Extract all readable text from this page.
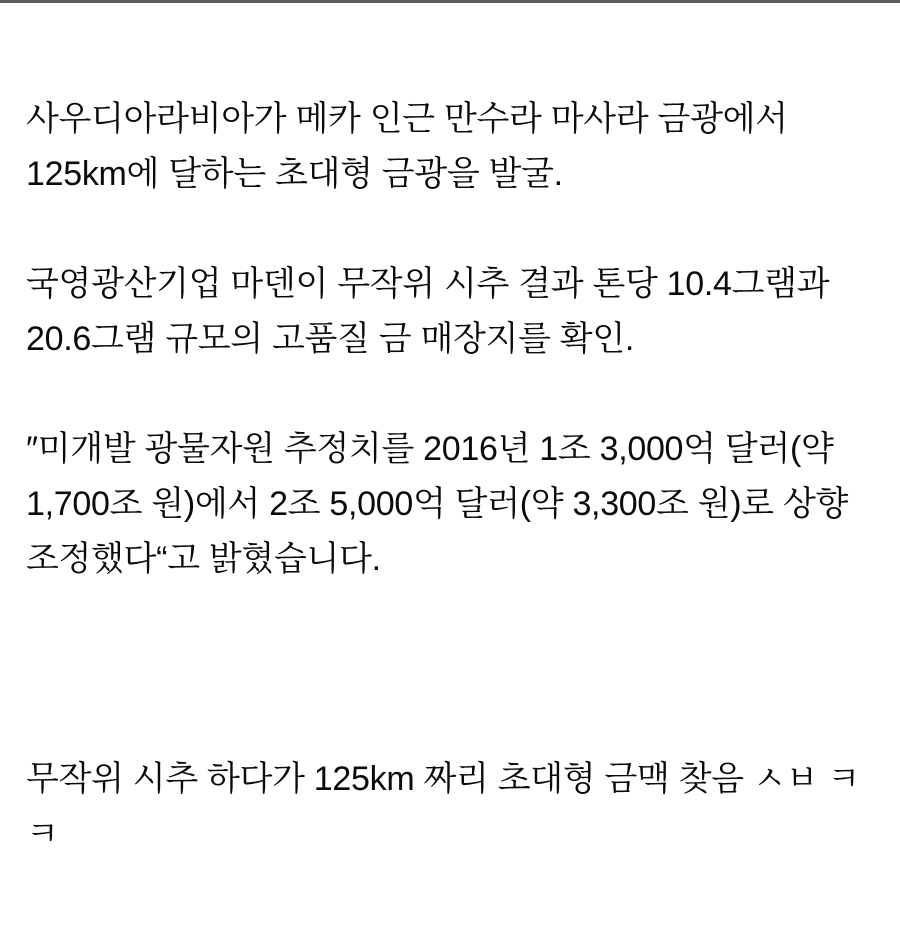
사우디아라비아가 메카 인근 만수라 마사라 금광에서
125km에 달하는 초대형 금광을 발굴.

국영광산기업 마덴이 무작위 시추 결과 톤당 10.4그램과
20.6그램 규모의 고품질 금 매장지를 확인.

″미개발 광물자원 추정치를 2016년 1조 3,000억 달러(약
1,700조 원)에서 2조 5,000억 달러(약 3,300조 원)로 상향
조정했다“고 밝혔습니다.

무작위 시추 하다가 125km 짜리 초대형 금맥 찾음 ㅅㅂ ㅋ
ㅋ
